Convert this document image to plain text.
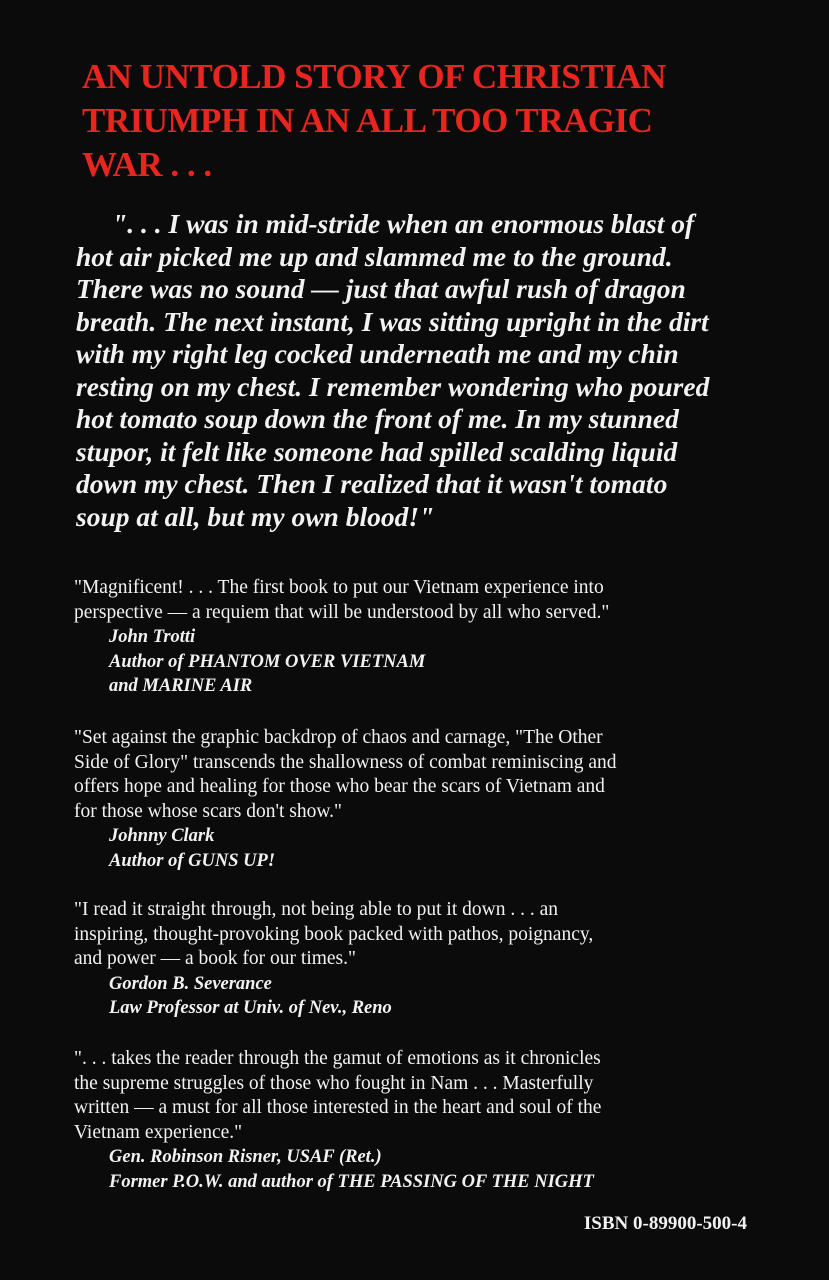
AN UNTOLD STORY OF CHRISTIAN
TRIUMPH IN AN ALL TOO TRAGIC
WAR . . .

". . . I was in mid-stride when an enormous blast of
hot air picked me up and slammed me to the ground.
There was no sound — just that awful rush of dragon
breath. The next instant, I was sitting upright in the dirt
with my right leg cocked underneath me and my chin
resting on my chest. I remember wondering who poured
hot tomato soup down the front of me. In my stunned
stupor, it felt like someone had spilled scalding liquid
down my chest. Then I realized that it wasn't tomato
soup at all, but my own blood!"

"Magnificent! . . . The first book to put our Vietnam experience into
perspective — a requiem that will be understood by all who served."

John Trotti
Author of PHANTOM OVER VIETNAM
and MARINE AIR

"Set against the graphic backdrop of chaos and carnage, "The Other
Side of Glory" transcends the shallowness of combat reminiscing and
offers hope and healing for those who bear the scars of Vietnam and
for those whose scars don't show."

Johnny Clark
Author of GUNS UP!

"I read it straight through, not being able to put it down . . . an
inspiring, thought-provoking book packed with pathos, poignancy,
and power — a book for our times."

Gordon B. Severance
Law Professor at Univ. of Nev., Reno

". . . takes the reader through the gamut of emotions as it chronicles
the supreme struggles of those who fought in Nam . . . Masterfully
written — a must for all those interested in the heart and soul of the
Vietnam experience."

Gen. Robinson Risner, USAF (Ret.)
Former P.O.W. and author of THE PASSING OF THE NIGHT
ISBN 0-89900-500-4
